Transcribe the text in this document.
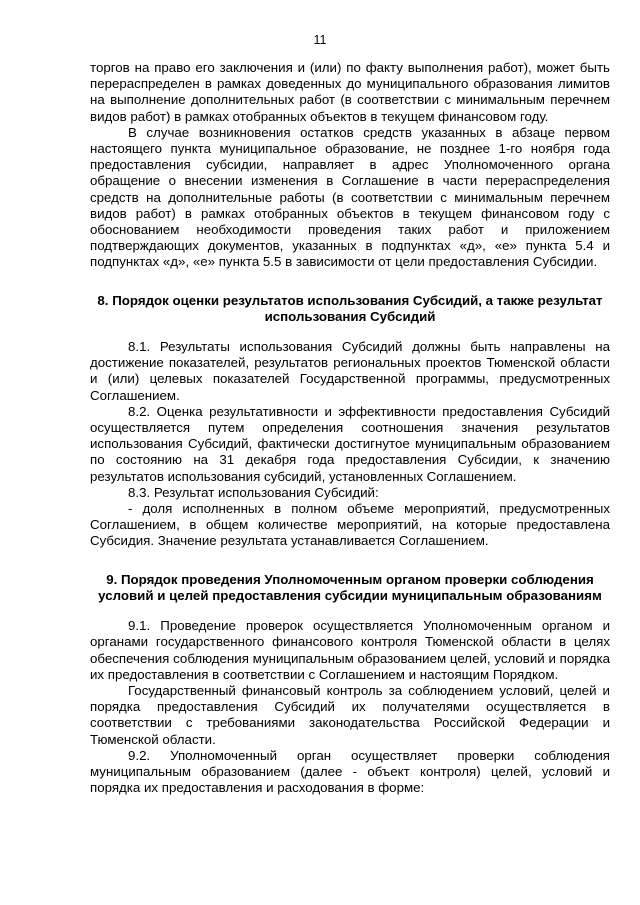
11

торгов на право его заключения и (или) по факту выполнения работ), может быть перераспределен в рамках доведенных до муниципального образования лимитов на выполнение дополнительных работ (в соответствии с минимальным перечнем видов работ) в рамках отобранных объектов в текущем финансовом году.

В случае возникновения остатков средств указанных в абзаце первом настоящего пункта муниципальное образование, не позднее 1-го ноября года предоставления субсидии, направляет в адрес Уполномоченного органа обращение о внесении изменения в Соглашение в части перераспределения средств на дополнительные работы (в соответствии с минимальным перечнем видов работ) в рамках отобранных объектов в текущем финансовом году с обоснованием необходимости проведения таких работ и приложением подтверждающих документов, указанных в подпунктах «д», «е» пункта 5.4 и подпунктах «д», «е» пункта 5.5 в зависимости от цели предоставления Субсидии.

8. Порядок оценки результатов использования Субсидий, а также результат использования Субсидий

8.1. Результаты использования Субсидий должны быть направлены на достижение показателей, результатов региональных проектов Тюменской области и (или) целевых показателей Государственной программы, предусмотренных Соглашением.

8.2. Оценка результативности и эффективности предоставления Субсидий осуществляется путем определения соотношения значения результатов использования Субсидий, фактически достигнутое муниципальным образованием по состоянию на 31 декабря года предоставления Субсидии, к значению результатов использования субсидий, установленных Соглашением.

8.3. Результат использования Субсидий:

- доля исполненных в полном объеме мероприятий, предусмотренных Соглашением, в общем количестве мероприятий, на которые предоставлена Субсидия. Значение результата устанавливается Соглашением.

9. Порядок проведения Уполномоченным органом проверки соблюдения условий и целей предоставления субсидии муниципальным образованиям

9.1. Проведение проверок осуществляется Уполномоченным органом и органами государственного финансового контроля Тюменской области в целях обеспечения соблюдения муниципальным образованием целей, условий и порядка их предоставления в соответствии с Соглашением и настоящим Порядком.

Государственный финансовый контроль за соблюдением условий, целей и порядка предоставления Субсидий их получателями осуществляется в соответствии с требованиями законодательства Российской Федерации и Тюменской области.

9.2. Уполномоченный орган осуществляет проверки соблюдения муниципальным образованием (далее - объект контроля) целей, условий и порядка их предоставления и расходования в форме:
